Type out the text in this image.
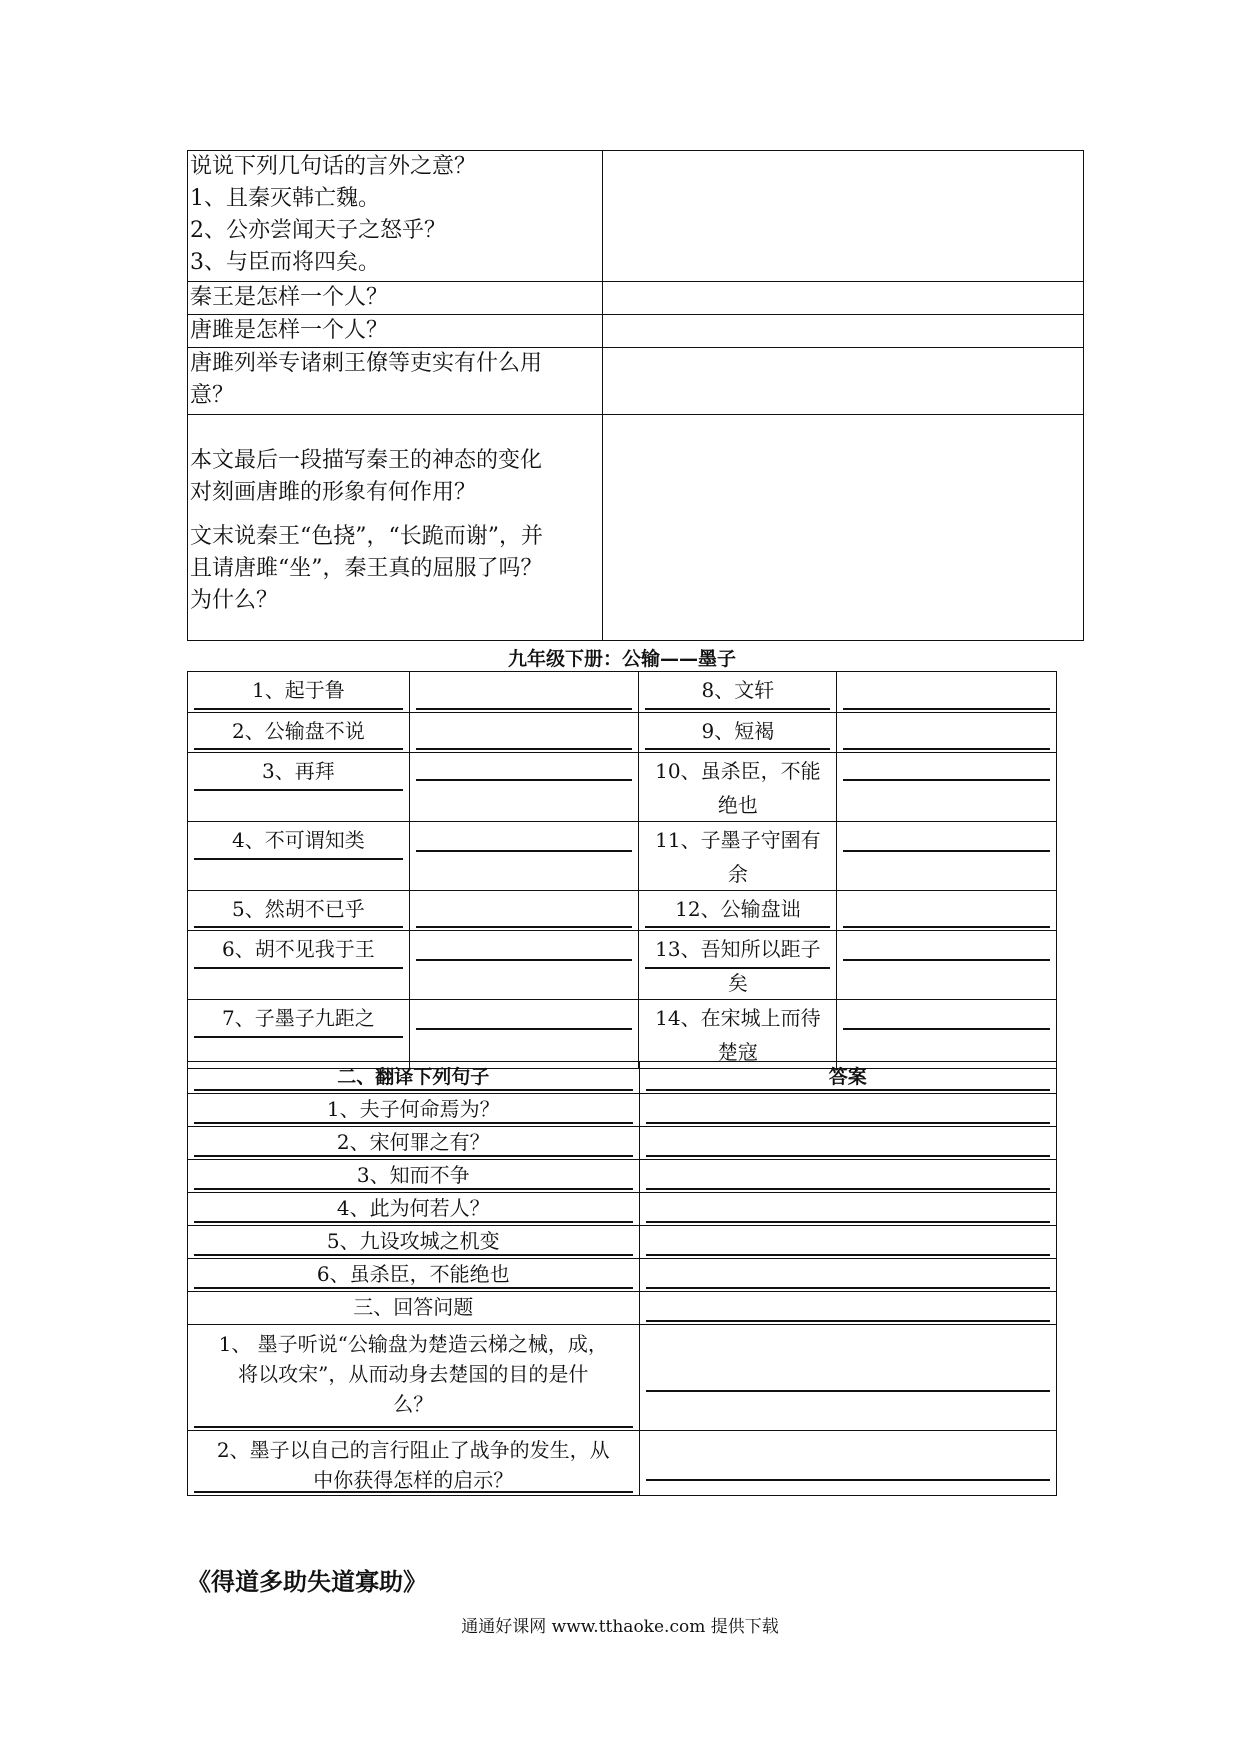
说说下列几句话的言外之意？
1、且秦灭韩亡魏。
2、公亦尝闻天子之怒乎？
3、与臣而将四矣。	

秦王是怎样一个人？	

唐雎是怎样一个人？	

唐雎列举专诸刺王僚等吏实有什么用
意？	

本文最后一段描写秦王的神态的变化
对刻画唐雎的形象有何作用？
文末说秦王“色挠”，“长跪而谢”，并
且请唐雎“坐”，秦王真的屈服了吗？
为什么？	

九年级下册：公输——墨子
1、起于鲁		8、文轩	

2、公输盘不说		9、短褐	

3、再拜		10、虽杀臣，不能
绝也	

4、不可谓知类		11、子墨子守圉有
余	

5、然胡不已乎		12、公输盘诎	

6、胡不见我于王		13、吾知所以距子
矣	

7、子墨子九距之		14、在宋城上而待
楚寇	

二、翻译下列句子	答案

1、夫子何命焉为？	

2、宋何罪之有？	

3、知而不争	

4、此为何若人？	

5、九设攻城之机变	

6、虽杀臣，不能绝也	

三、回答问题	

1、 墨子听说“公输盘为楚造云梯之械，成，
将以攻宋”，从而动身去楚国的目的是什
么？	

2、墨子以自己的言行阻止了战争的发生，从
中你获得怎样的启示？	

《得道多助失道寡助》
通通好课网 www.tthaoke.com 提供下载
